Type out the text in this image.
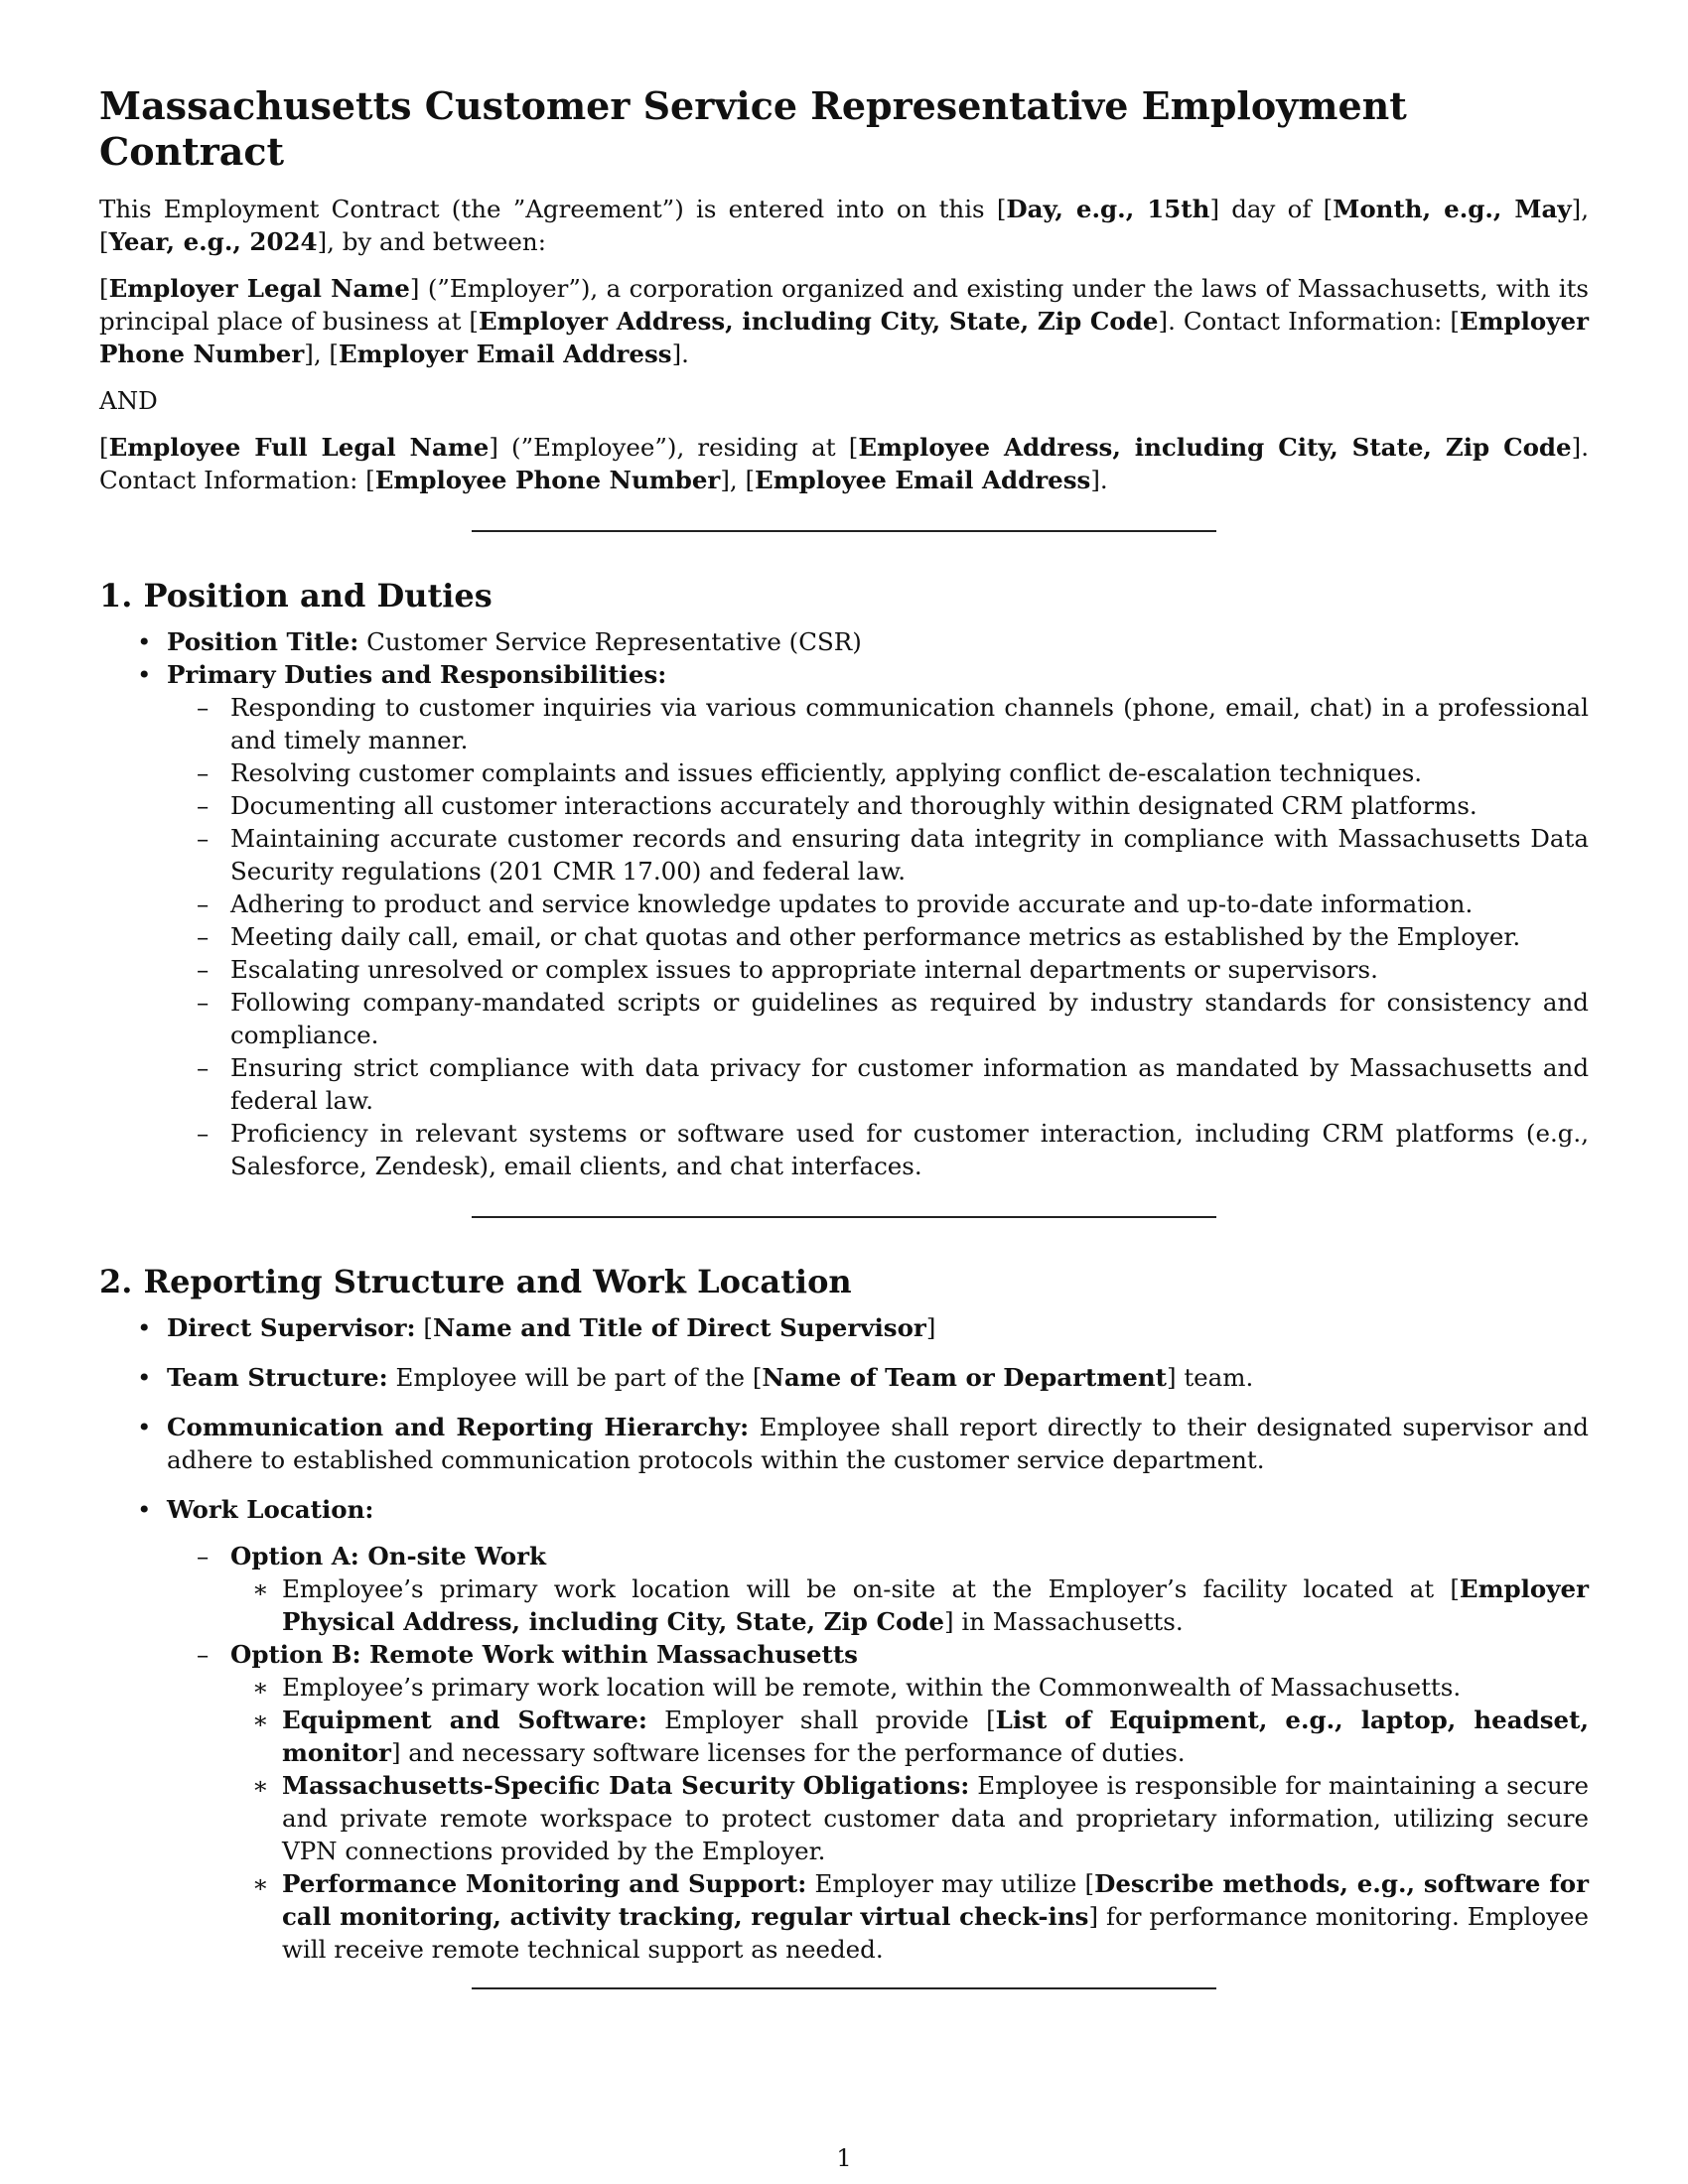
Massachusetts Customer Service Representative Employment Contract

This Employment Contract (the ”Agreement”) is entered into on this [Day, e.g., 15th] day of [Month, e.g., May], [Year, e.g., 2024], by and between:

[Employer Legal Name] (”Employer”), a corporation organized and existing under the laws of Massachusetts, with its principal place of business at [Employer Address, including City, State, Zip Code]. Contact Information: [Employer Phone Number], [Employer Email Address].

AND

[Employee Full Legal Name] (”Employee”), residing at [Employee Address, including City, State, Zip Code]. Contact Information: [Employee Phone Number], [Employee Email Address].

1. Position and Duties
• Position Title: Customer Service Representative (CSR)
• Primary Duties and Responsibilities:
– Responding to customer inquiries via various communication channels (phone, email, chat) in a professional and timely manner.
– Resolving customer complaints and issues efficiently, applying conflict de-escalation techniques.
– Documenting all customer interactions accurately and thoroughly within designated CRM platforms.
– Maintaining accurate customer records and ensuring data integrity in compliance with Massachusetts Data Security regulations (201 CMR 17.00) and federal law.
– Adhering to product and service knowledge updates to provide accurate and up-to-date information.
– Meeting daily call, email, or chat quotas and other performance metrics as established by the Employer.
– Escalating unresolved or complex issues to appropriate internal departments or supervisors.
– Following company-mandated scripts or guidelines as required by industry standards for consistency and compliance.
– Ensuring strict compliance with data privacy for customer information as mandated by Massachusetts and federal law.
– Proficiency in relevant systems or software used for customer interaction, including CRM platforms (e.g., Salesforce, Zendesk), email clients, and chat interfaces.
2. Reporting Structure and Work Location
• Direct Supervisor: [Name and Title of Direct Supervisor]
• Team Structure: Employee will be part of the [Name of Team or Department] team.
• Communication and Reporting Hierarchy: Employee shall report directly to their designated supervisor and adhere to established communication protocols within the customer service department.
• Work Location:
– Option A: On-site Work
∗ Employee’s primary work location will be on-site at the Employer’s facility located at [Employer Physical Address, including City, State, Zip Code] in Massachusetts.
– Option B: Remote Work within Massachusetts
∗ Employee’s primary work location will be remote, within the Commonwealth of Massachusetts.
∗ Equipment and Software: Employer shall provide [List of Equipment, e.g., laptop, headset, monitor] and necessary software licenses for the performance of duties.
∗ Massachusetts-Specific Data Security Obligations: Employee is responsible for maintaining a secure and private remote workspace to protect customer data and proprietary information, utilizing secure VPN connections provided by the Employer.
∗ Performance Monitoring and Support: Employer may utilize [Describe methods, e.g., software for call monitoring, activity tracking, regular virtual check-ins] for performance monitoring. Employee will receive remote technical support as needed.
1
